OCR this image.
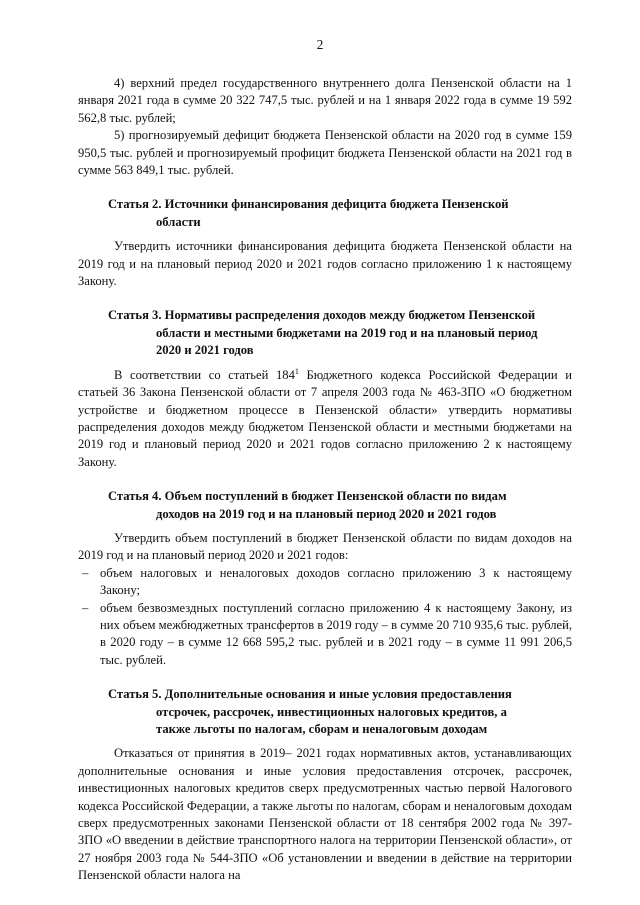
2

4) верхний предел государственного внутреннего долга Пензенской области на 1 января 2021 года в сумме 20 322 747,5 тыс. рублей и на 1 января 2022 года в сумме 19 592 562,8 тыс. рублей;

5) прогнозируемый дефицит бюджета Пензенской области на 2020 год в сумме 159 950,5 тыс. рублей и прогнозируемый профицит бюджета Пензенской области на 2021 год в сумме 563 849,1 тыс. рублей.

Статья 2. Источники финансирования дефицита бюджета Пензенской
области

Утвердить источники финансирования дефицита бюджета Пензенской области на 2019 год и на плановый период 2020 и 2021 годов согласно приложению 1 к настоящему Закону.

Статья 3. Нормативы распределения доходов между бюджетом Пензенской
области и местными бюджетами на 2019 год и на плановый период
2020 и 2021 годов

В соответствии со статьей $184^1$ Бюджетного кодекса Российской Федерации и статьей 36 Закона Пензенской области от 7 апреля 2003 года № 463-ЗПО «О бюджетном устройстве и бюджетном процессе в Пензенской области» утвердить нормативы распределения доходов между бюджетом Пензенской области и местными бюджетами на 2019 год и плановый период 2020 и 2021 годов согласно приложению 2 к настоящему Закону.

Статья 4. Объем поступлений в бюджет Пензенской области по видам
доходов на 2019 год и на плановый период 2020 и 2021 годов

Утвердить объем поступлений в бюджет Пензенской области по видам доходов на 2019 год и на плановый период 2020 и 2021 годов:

– объем налоговых и неналоговых доходов согласно приложению 3 к настоящему Закону;
– объем безвозмездных поступлений согласно приложению 4 к настоящему Закону, из них объем межбюджетных трансфертов в 2019 году – в сумме 20 710 935,6 тыс. рублей, в 2020 году – в сумме 12 668 595,2 тыс. рублей и в 2021 году – в сумме 11 991 206,5 тыс. рублей.
Статья 5. Дополнительные основания и иные условия предоставления
отсрочек, рассрочек, инвестиционных налоговых кредитов, а
также льготы по налогам, сборам и неналоговым доходам

Отказаться от принятия в 2019– 2021 годах нормативных актов, устанавливающих дополнительные основания и иные условия предоставления отсрочек, рассрочек, инвестиционных налоговых кредитов сверх предусмотренных частью первой Налогового кодекса Российской Федерации, а также льготы по налогам, сборам и неналоговым доходам сверх предусмотренных законами Пензенской области от 18 сентября 2002 года № 397-ЗПО «О введении в действие транспортного налога на территории Пензенской области», от 27 ноября 2003 года № 544-ЗПО «Об установлении и введении в действие на территории Пензенской области налога на
